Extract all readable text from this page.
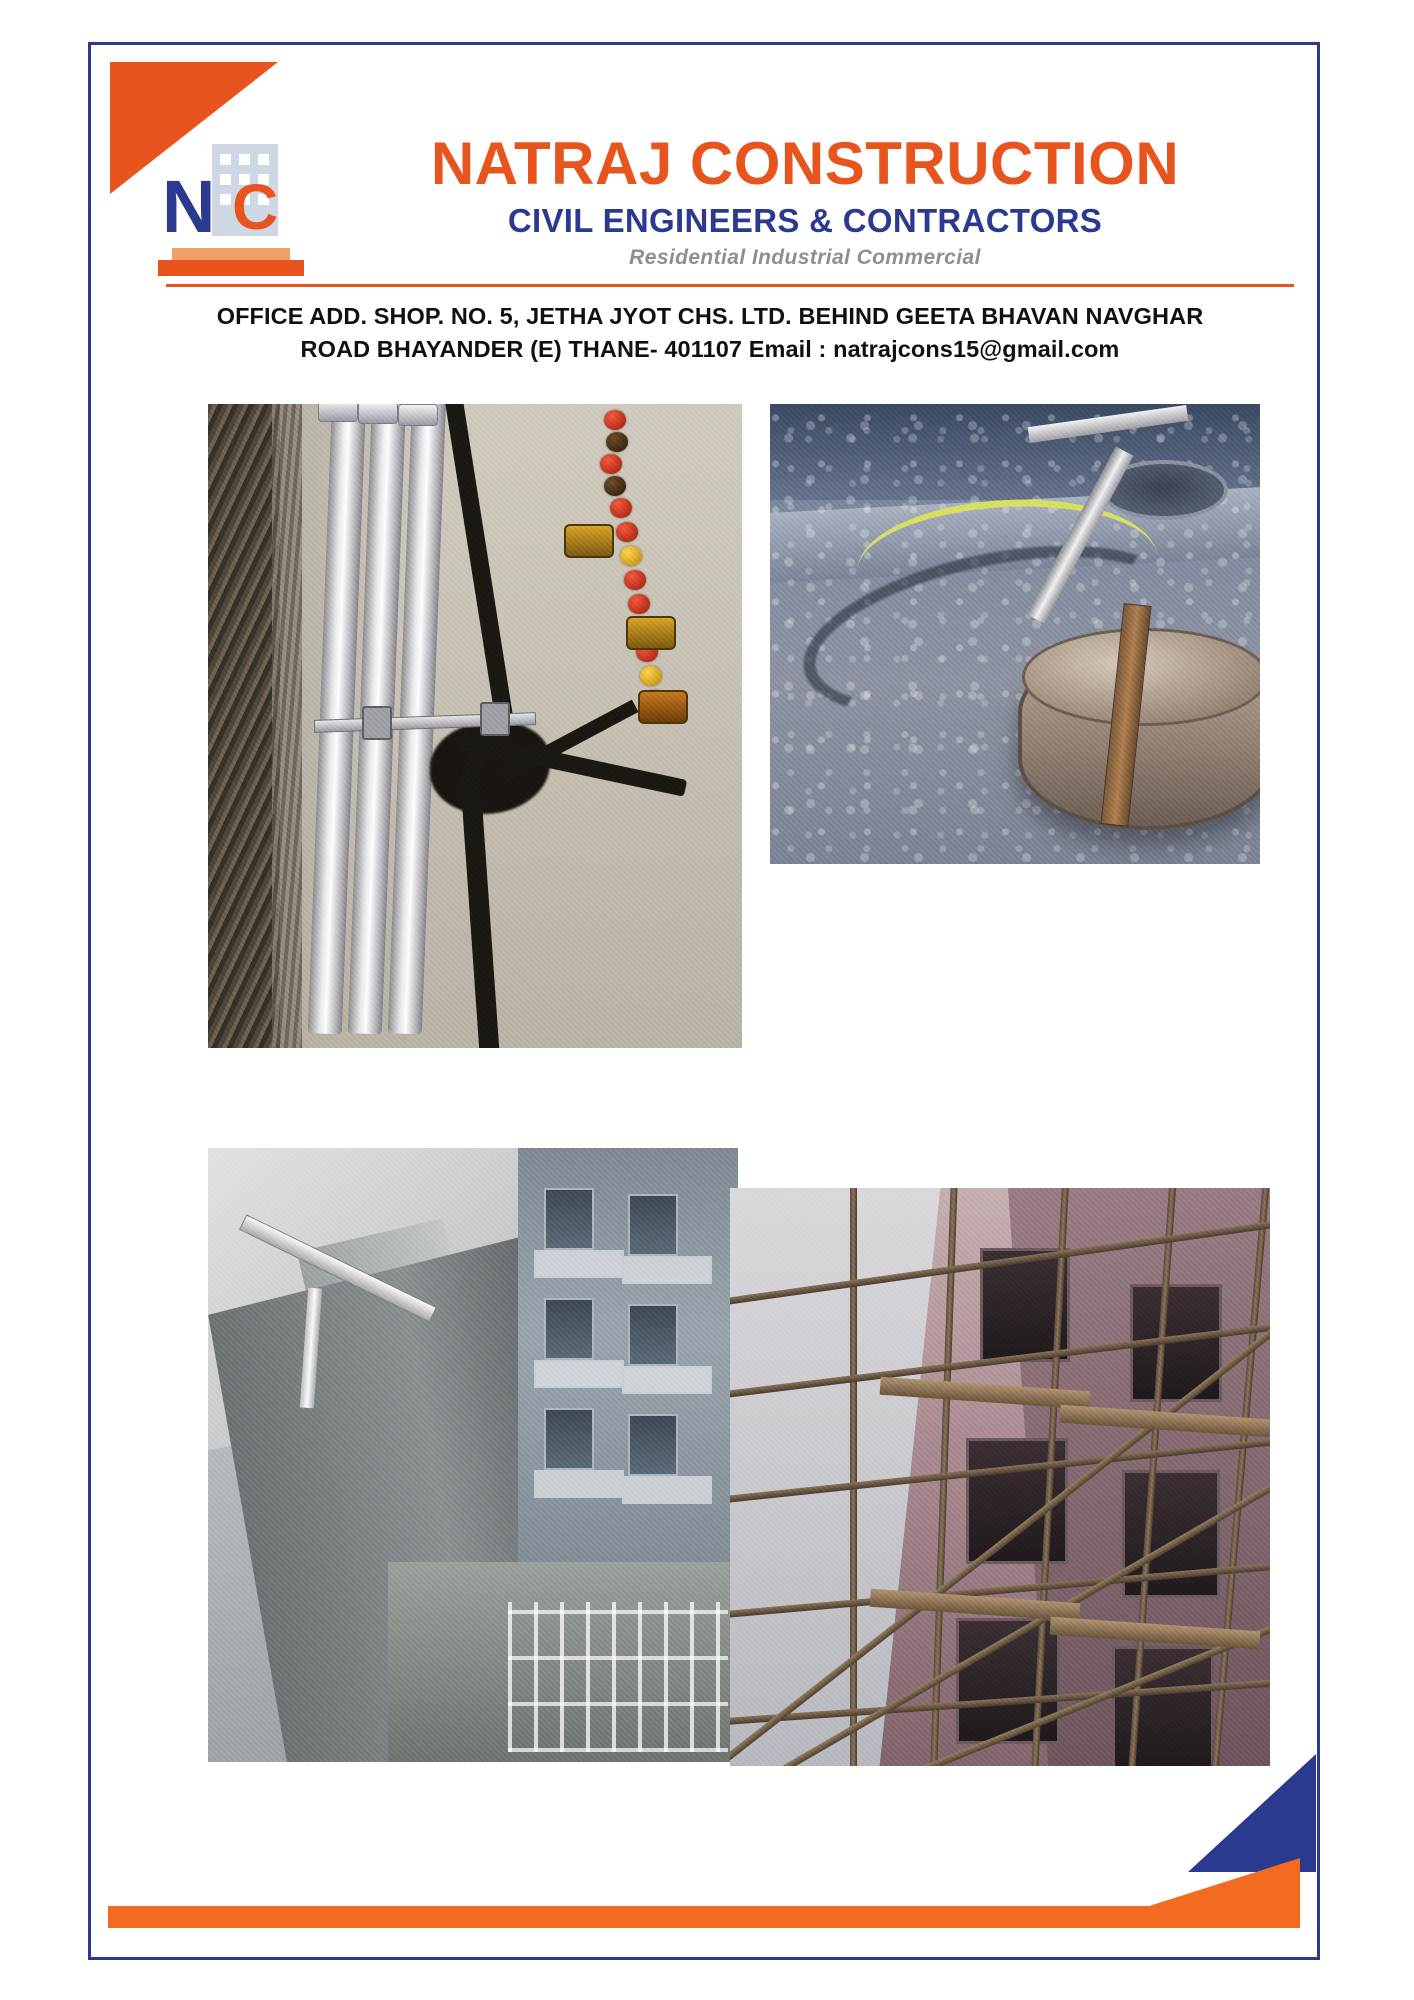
N C
NATRAJ CONSTRUCTION
CIVIL ENGINEERS & CONTRACTORS
Residential Industrial Commercial
OFFICE ADD. SHOP. NO. 5, JETHA JYOT CHS. LTD. BEHIND GEETA BHAVAN NAVGHAR
ROAD BHAYANDER (E) THANE- 401107 Email : natrajcons15@gmail.com
